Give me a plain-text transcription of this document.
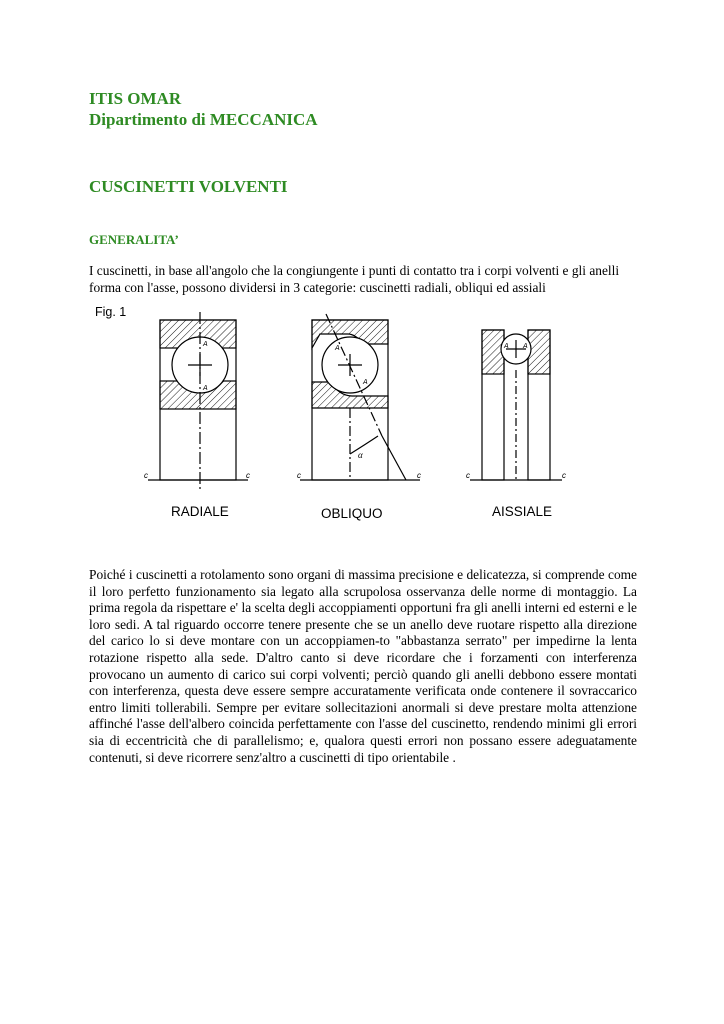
ITIS OMAR
Dipartimento di MECCANICA
CUSCINETTI VOLVENTI
GENERALITA’
I cuscinetti, in base all'angolo che la congiungente i punti di contatto tra i corpi volventi e gli anelli forma con l'asse, possono dividersi in 3 categorie: cuscinetti radiali, obliqui ed assiali
Fig. 1
A
A
c	c
A
A
α
c	c
A A
c	c
RADIALE	OBLIQUO	AISSIALE

Poiché i cuscinetti a rotolamento sono organi di massima precisione e delicatezza, si comprende come il loro perfetto funzionamento sia legato alla scrupolosa osservanza delle norme di montaggio. La prima regola da rispettare e' la scelta degli accoppiamenti opportuni fra gli anelli interni ed esterni e le loro sedi. A tal riguardo occorre tenere presente che se un anello deve ruotare rispetto alla direzione del carico lo si deve montare con un accoppiamen-to "abbastanza serrato" per impedirne la lenta rotazione rispetto alla sede. D'altro canto si deve ricordare che i forzamenti con interferenza provocano un aumento di carico sui corpi volventi; perciò quando gli anelli debbono essere montati con interferenza, questa deve essere sempre accuratamente verificata onde contenere il sovraccarico entro limiti tollerabili. Sempre per evitare sollecitazioni anormali si deve prestare molta attenzione affinché l'asse dell'albero coincida perfettamente con l'asse del cuscinetto, rendendo minimi gli errori sia di eccentricità che di parallelismo; e, qualora questi errori non possano essere adeguatamente contenuti, si deve ricorrere senz'altro a cuscinetti di tipo orientabile .
